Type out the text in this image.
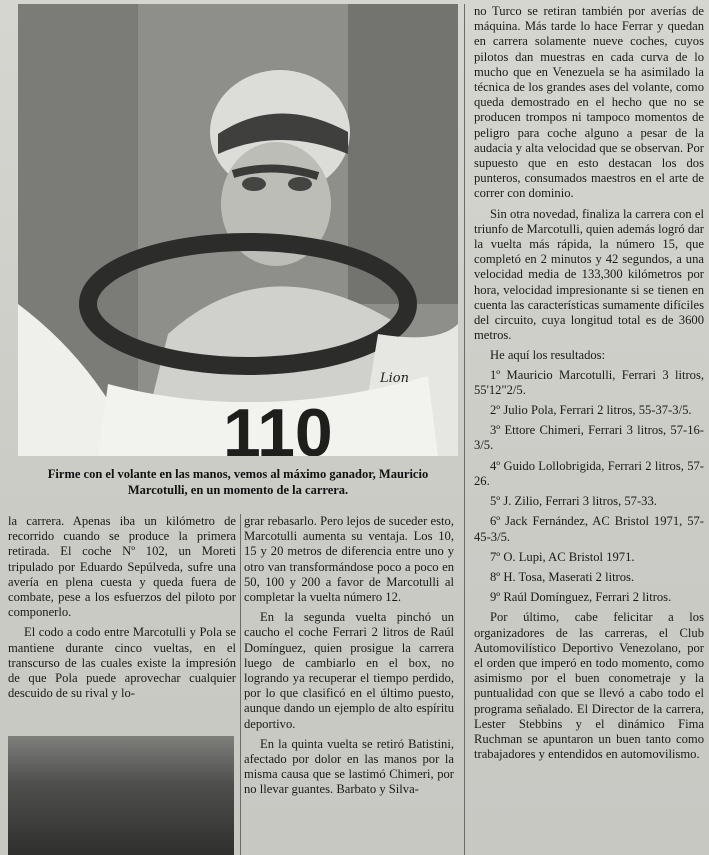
110
Lion
Firme con el volante en las manos, vemos al máximo ganador, Mauricio Marcotulli, en un momento de la carrera.

la carrera. Apenas iba un kilómetro de recorrido cuando se produce la primera retirada. El coche Nº 102, un Moreti tripulado por Eduardo Sepúlveda, sufre una avería en plena cuesta y queda fuera de combate, pese a los esfuerzos del piloto por componerlo.

El codo a codo entre Marcotulli y Pola se mantiene durante cinco vueltas, en el transcurso de las cuales existe la impresión de que Pola puede aprovechar cualquier descuido de su rival y lo-

grar rebasarlo. Pero lejos de suceder esto, Marcotulli aumenta su ventaja. Los 10, 15 y 20 metros de diferencia entre uno y otro van transformándose poco a poco en 50, 100 y 200 a favor de Marcotulli al completar la vuelta número 12.

En la segunda vuelta pinchó un caucho el coche Ferrari 2 litros de Raúl Domínguez, quien prosigue la carrera luego de cambiarlo en el box, no logrando ya recuperar el tiempo perdido, por lo que clasificó en el último puesto, aunque dando un ejemplo de alto espíritu deportivo.

En la quinta vuelta se retiró Batistini, afectado por dolor en las manos por la misma causa que se lastimó Chimeri, por no llevar guantes. Barbato y Silva-

no Turco se retiran también por averías de máquina. Más tarde lo hace Ferrar y quedan en carrera solamente nueve coches, cuyos pilotos dan muestras en cada curva de lo mucho que en Venezuela se ha asimilado la técnica de los grandes ases del volante, como queda demostrado en el hecho que no se producen trompos ni tampoco momentos de peligro para coche alguno a pesar de la audacia y alta velocidad que se observan. Por supuesto que en esto destacan los dos punteros, consumados maestros en el arte de correr con dominio.

Sin otra novedad, finaliza la carrera con el triunfo de Marcotulli, quien además logró dar la vuelta más rápida, la número 15, que completó en 2 minutos y 42 segundos, a una velocidad media de 133,300 kilómetros por hora, velocidad impresionante si se tienen en cuenta las características sumamente difíciles del circuito, cuya longitud total es de 3600 metros.

He aquí los resultados:

1º Mauricio Marcotulli, Ferrari 3 litros, 55'12"2/5.
2º Julio Pola, Ferrari 2 litros, 55-37-3/5.
3º Ettore Chimeri, Ferrari 3 litros, 57-16-3/5.
4º Guido Lollobrigida, Ferrari 2 litros, 57-26.
5º J. Zilio, Ferrari 3 litros, 57-33.
6º Jack Fernández, AC Bristol 1971, 57-45-3/5.
7º O. Lupi, AC Bristol 1971.
8º H. Tosa, Maserati 2 litros.
9º Raúl Domínguez, Ferrari 2 litros.

Por último, cabe felicitar a los organizadores de las carreras, el Club Automovilístico Deportivo Venezolano, por el orden que imperó en todo momento, como asimismo por el buen conometraje y la puntualidad con que se llevó a cabo todo el programa señalado. El Director de la carrera, Lester Stebbins y el dinámico Fima Ruchman se apuntaron un buen tanto como trabajadores y entendidos en automovilismo.
